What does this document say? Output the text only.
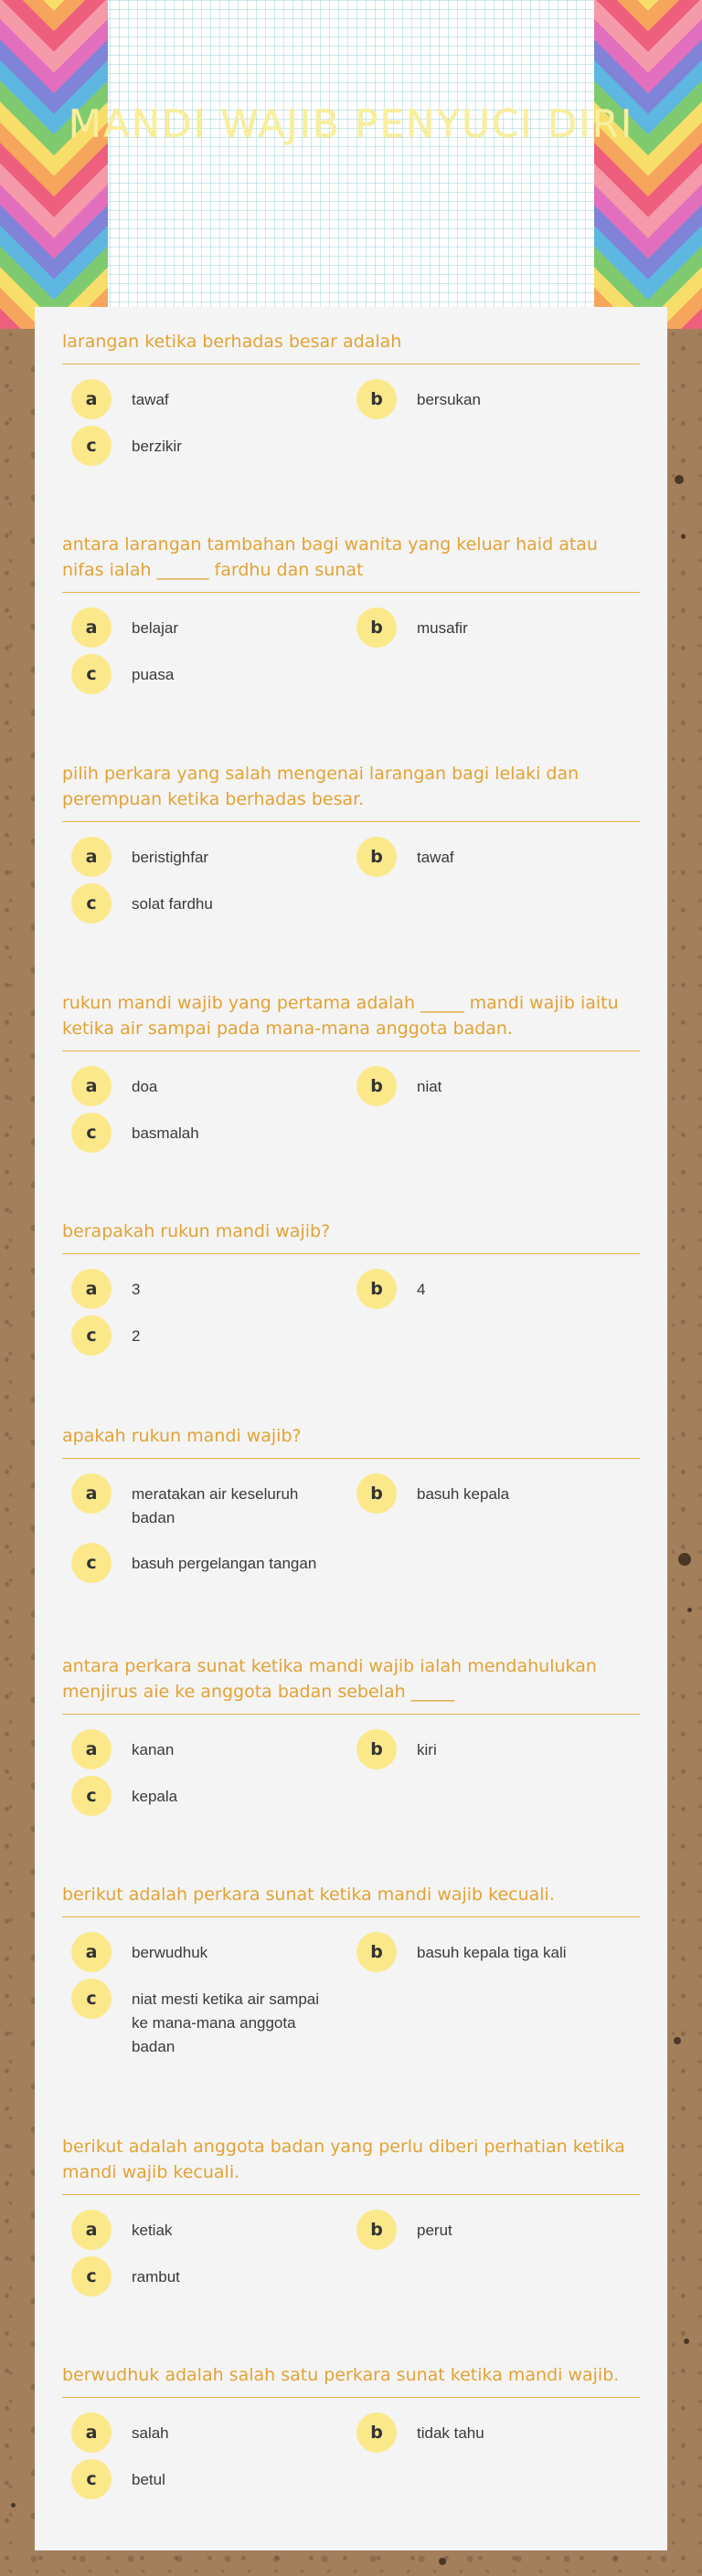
MANDI WAJIB PENYUCI DIRI
larangan ketika berhadas besar adalah
a	tawaf	b	bersukan
c	berzikir
antara larangan tambahan bagi wanita yang keluar haid atau nifas ialah ______ fardhu dan sunat
a	belajar	b	musafir
c	puasa
pilih perkara yang salah mengenai larangan bagi lelaki dan perempuan ketika berhadas besar.
a	beristighfar	b	tawaf
c	solat fardhu
rukun mandi wajib yang pertama adalah _____ mandi wajib iaitu ketika air sampai pada mana-mana anggota badan.
a	doa	b	niat
c	basmalah
berapakah rukun mandi wajib?
a	3	b	4
c	2
apakah rukun mandi wajib?
a	meratakan air keseluruh badan
b	basuh kepala
c	basuh pergelangan tangan
antara perkara sunat ketika mandi wajib ialah mendahulukan menjirus aie ke anggota badan sebelah _____
a	kanan	b	kiri
c	kepala
berikut adalah perkara sunat ketika mandi wajib kecuali.
a	berwudhuk	b	basuh kepala tiga kali
c	niat mesti ketika air sampai ke mana-mana anggota badan
berikut adalah anggota badan yang perlu diberi perhatian ketika mandi wajib kecuali.
a	ketiak	b	perut
c	rambut
berwudhuk adalah salah satu perkara sunat ketika mandi wajib.
a	salah	b	tidak tahu
c	betul
